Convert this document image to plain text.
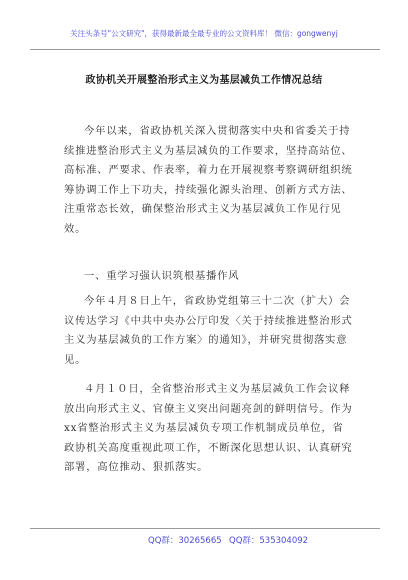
关注头条号"公文研究"，获得最新最全最专业的公文资料库！ 微信：gongwenyj
政协机关开展整治形式主义为基层减负工作情况总结

今年以来，省政协机关深入贯彻落实中央和省委关于持续推进整治形式主义为基层减负的工作要求，坚持高站位、高标准、严要求、作表率，着力在开展视察考察调研组织统筹协调工作上下功夫，持续强化源头治理、创新方式方法、注重常态长效，确保整治形式主义为基层减负工作见行见效。

一、重学习强认识筑根基播作风

今年４月８日上午，省政协党组第三十二次（扩大）会议传达学习《中共中央办公厅印发〈关于持续推进整治形式主义为基层减负的工作方案〉的通知》，并研究贯彻落实意见。

４月１０日，全省整治形式主义为基层减负工作会议释放出向形式主义、官僚主义突出问题亮剑的鲜明信号。作为xx省整治形式主义为基层减负专项工作机制成员单位，省政协机关高度重视此项工作，不断深化思想认识、认真研究部署，高位推动、狠抓落实。

QQ群：30265665 QQ群：535304092
